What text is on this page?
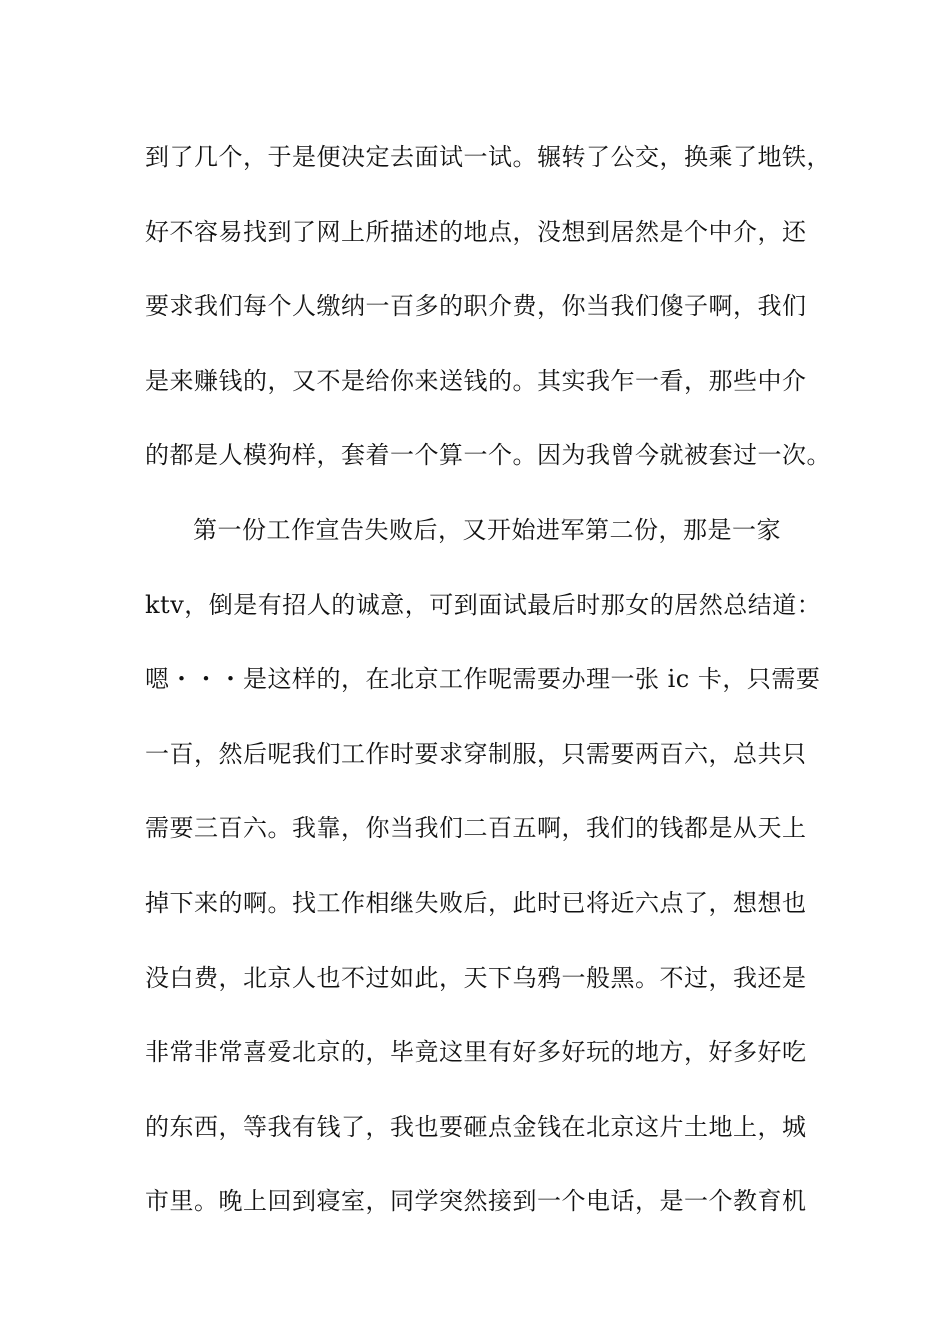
到了几个，于是便决定去面试一试。辗转了公交，换乘了地铁，
好不容易找到了网上所描述的地点，没想到居然是个中介，还
要求我们每个人缴纳一百多的职介费，你当我们傻子啊，我们
是来赚钱的，又不是给你来送钱的。其实我乍一看，那些中介
的都是人模狗样，套着一个算一个。因为我曾今就被套过一次。
第一份工作宣告失败后，又开始进军第二份，那是一家
ktv，倒是有招人的诚意，可到面试最后时那女的居然总结道：
嗯・・・是这样的，在北京工作呢需要办理一张 ic 卡，只需要
一百，然后呢我们工作时要求穿制服，只需要两百六，总共只
需要三百六。我靠，你当我们二百五啊，我们的钱都是从天上
掉下来的啊。找工作相继失败后，此时已将近六点了，想想也
没白费，北京人也不过如此，天下乌鸦一般黑。不过，我还是
非常非常喜爱北京的，毕竟这里有好多好玩的地方，好多好吃
的东西，等我有钱了，我也要砸点金钱在北京这片土地上，城
市里。晚上回到寝室，同学突然接到一个电话，是一个教育机
